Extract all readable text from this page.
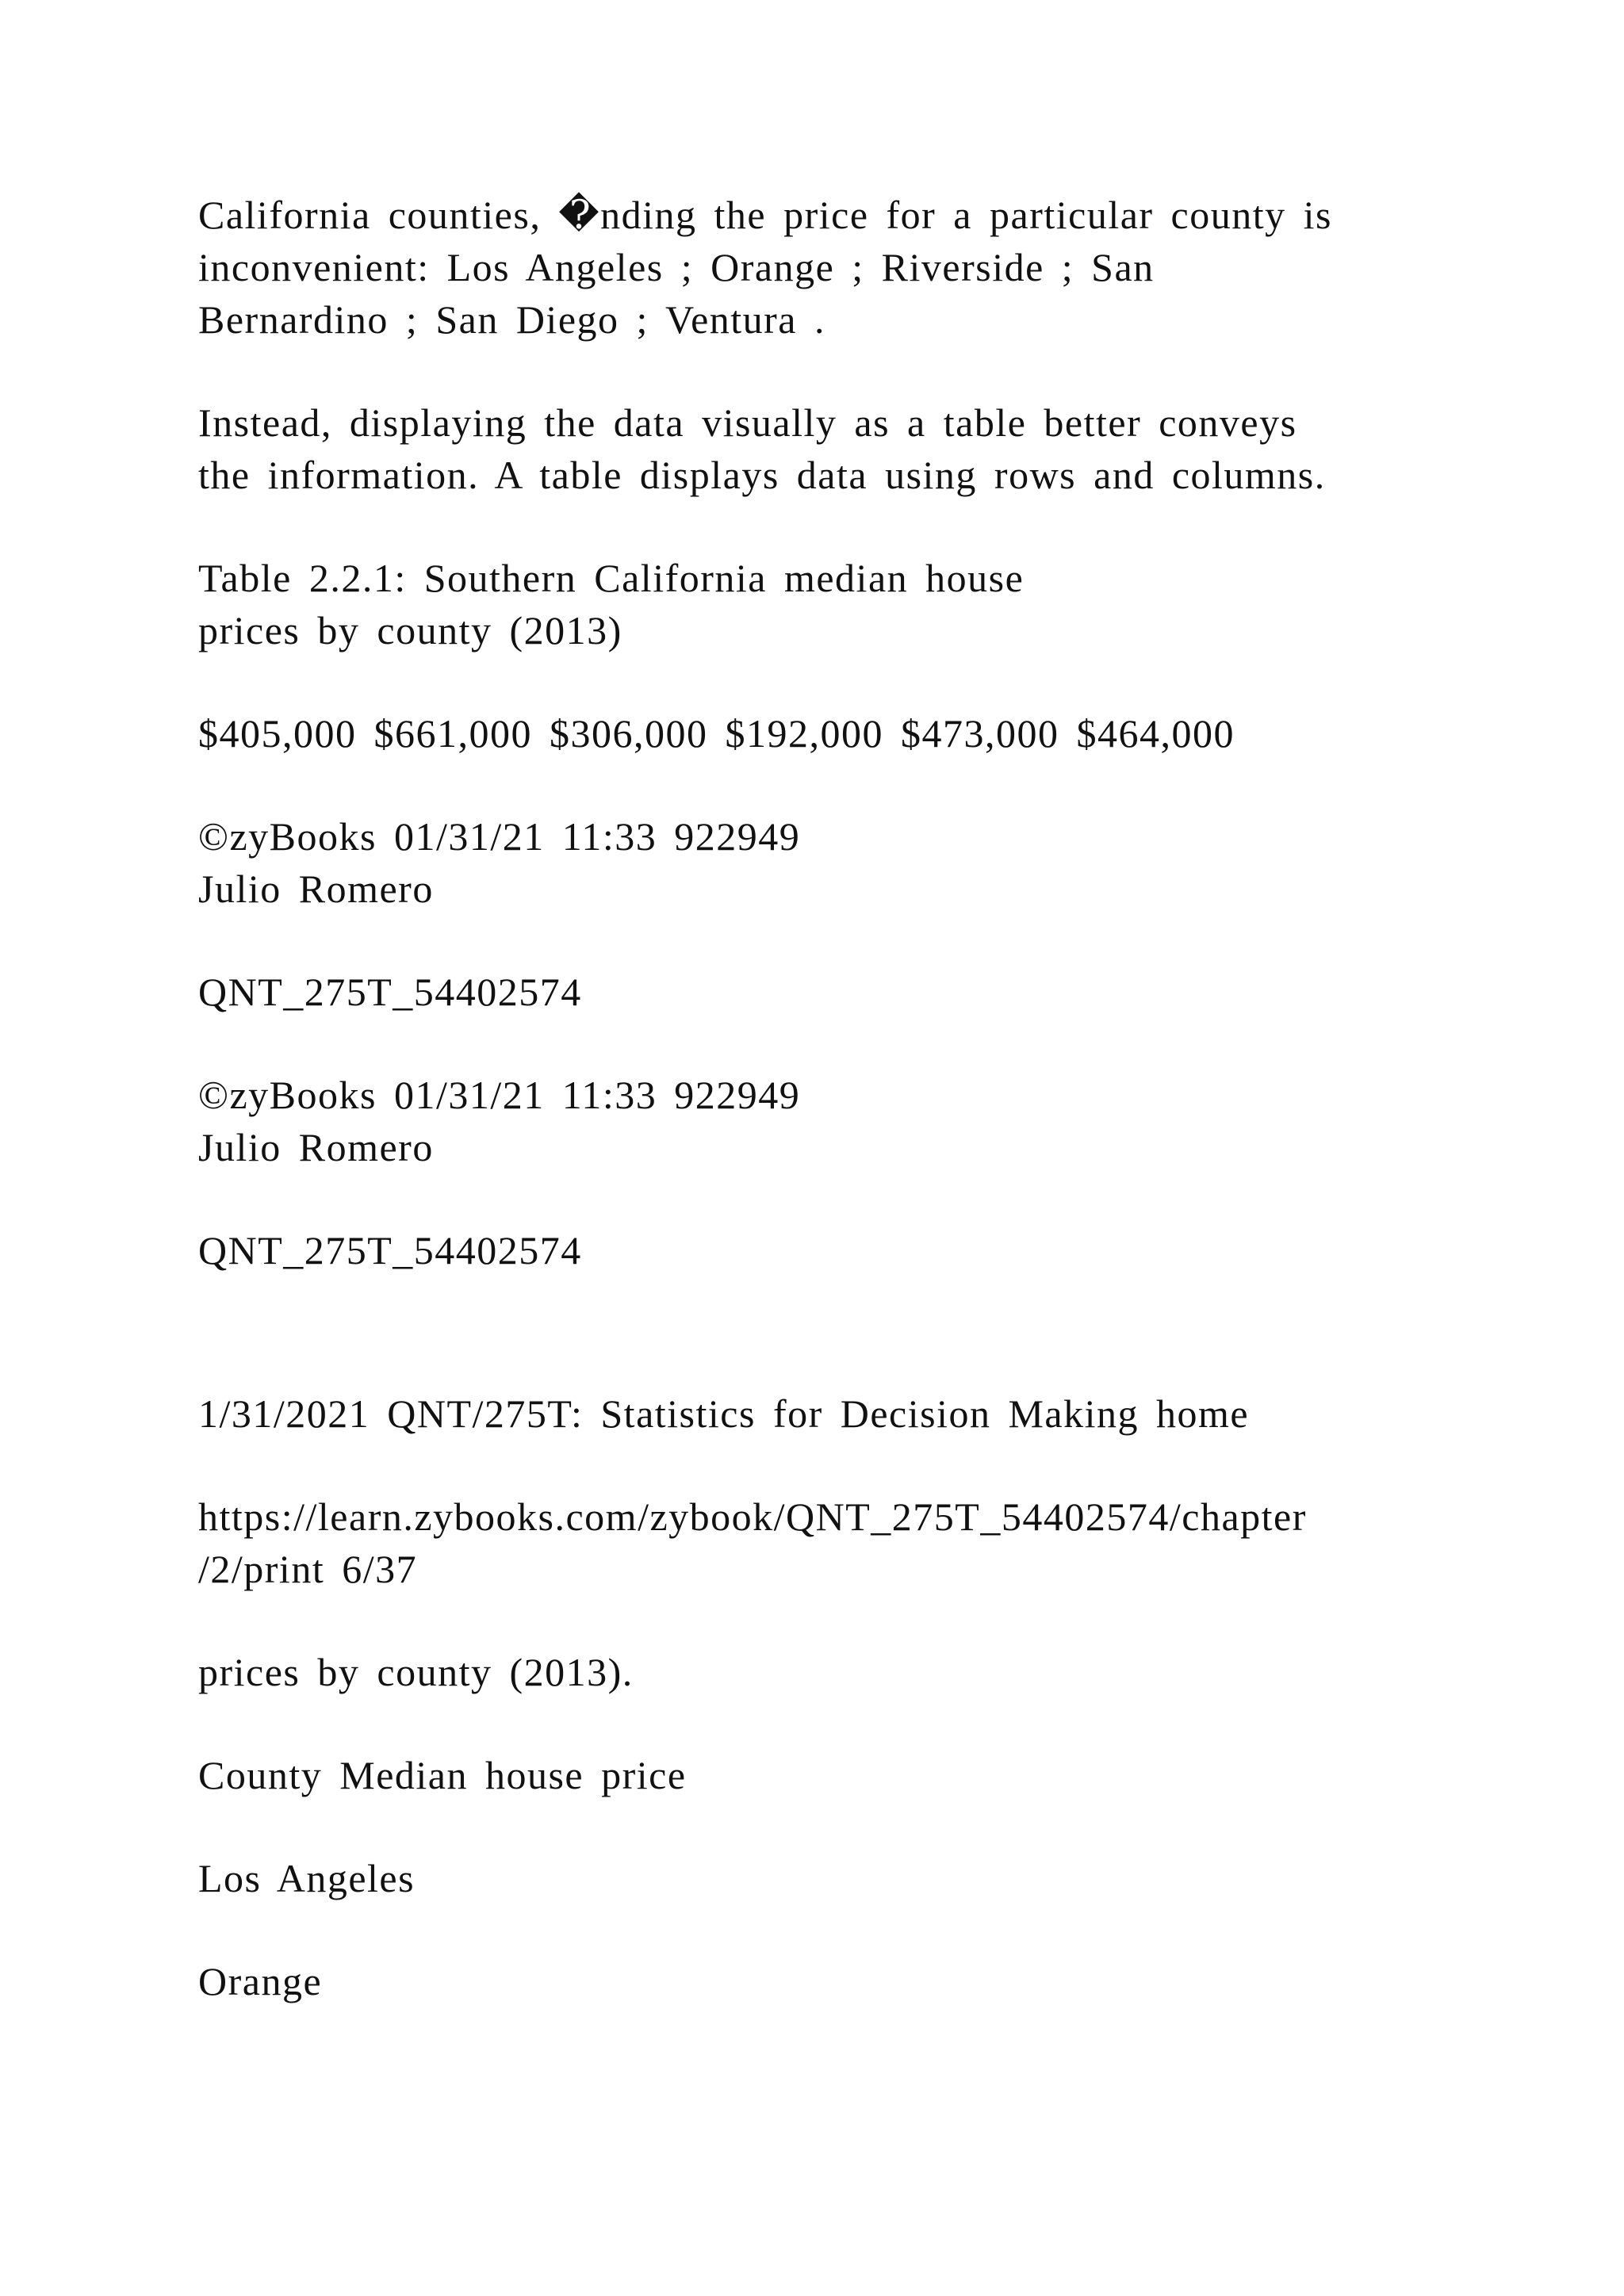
California counties, �nding the price for a particular county is
inconvenient: Los Angeles ; Orange ; Riverside ; San
Bernardino ; San Diego ; Ventura .
Instead, displaying the data visually as a table better conveys
the information. A table displays data using rows and columns.
Table 2.2.1: Southern California median house
prices by county (2013)
$405,000 $661,000 $306,000 $192,000 $473,000 $464,000
©zyBooks 01/31/21 11:33 922949
Julio Romero
QNT_275T_54402574
©zyBooks 01/31/21 11:33 922949
Julio Romero
QNT_275T_54402574
1/31/2021 QNT/275T: Statistics for Decision Making home
https://learn.zybooks.com/zybook/QNT_275T_54402574/chapter
/2/print 6/37
prices by county (2013).
County Median house price
Los Angeles
Orange
